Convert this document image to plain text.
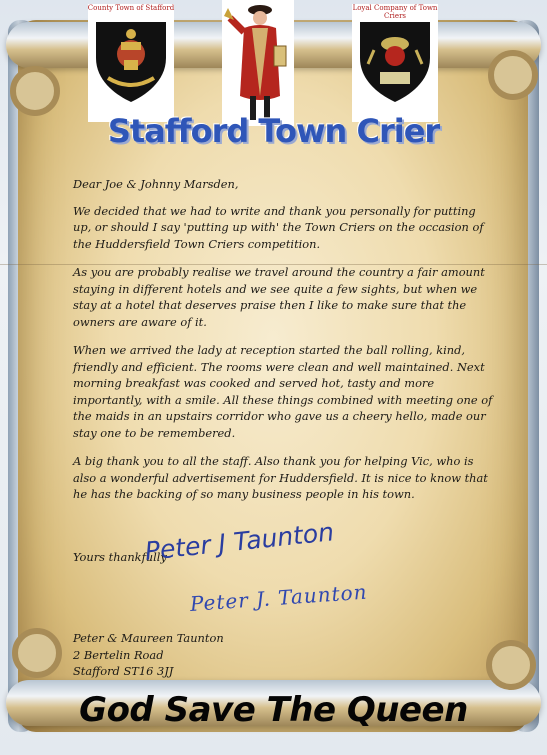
County Town of Stafford	Loyal Company of Town Criers
Stafford Town Crier

Dear Joe & Johnny Marsden,

We decided that we had to write and thank you personally for putting up, or should I say 'putting up with' the Town Criers on the occasion of the Huddersfield Town Criers competition.

As you are probably realise we travel around the country a fair amount staying in different hotels and we see quite a few sights, but when we stay at a hotel that deserves praise then I like to make sure that the owners are aware of it.

When we arrived the lady at reception started the ball rolling, kind, friendly and efficient. The rooms were clean and well maintained. Next morning breakfast was cooked and served hot, tasty and more importantly, with a smile. All these things combined with meeting one of the maids in an upstairs corridor who gave us a cheery hello, made our stay one to be remembered.

A big thank you to all the staff. Also thank you for helping Vic, who is also a wonderful advertisement for Huddersfield. It is nice to know that he has the backing of so many business people in his town.

Yours thankfully
Peter J Taunton
Peter J. Taunton
Peter & Maureen Taunton
2 Bertelin Road
Stafford ST16 3JJ
God Save The Queen
